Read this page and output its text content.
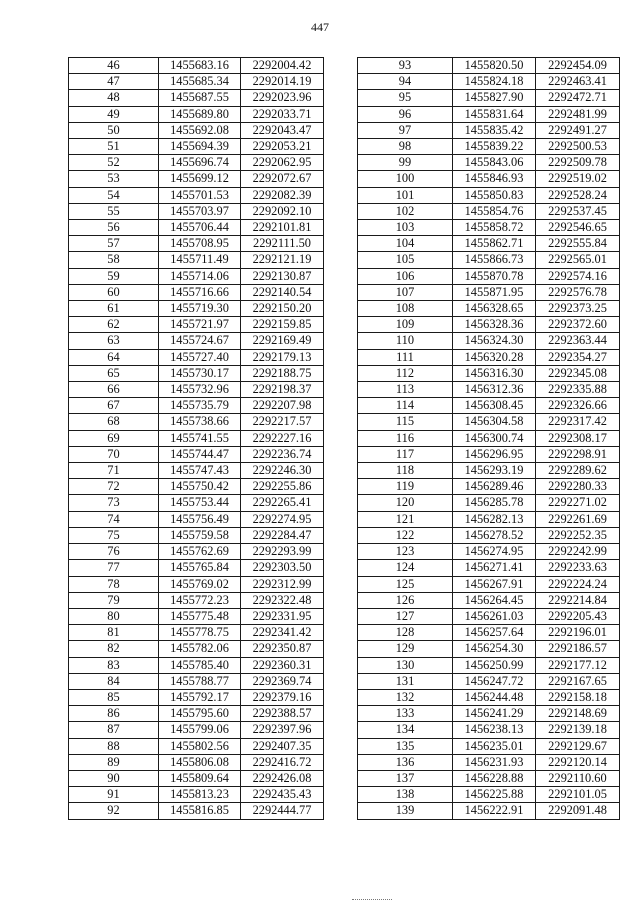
447
46	1455683.16	2292004.42
47	1455685.34	2292014.19
48	1455687.55	2292023.96
49	1455689.80	2292033.71
50	1455692.08	2292043.47
51	1455694.39	2292053.21
52	1455696.74	2292062.95
53	1455699.12	2292072.67
54	1455701.53	2292082.39
55	1455703.97	2292092.10
56	1455706.44	2292101.81
57	1455708.95	2292111.50
58	1455711.49	2292121.19
59	1455714.06	2292130.87
60	1455716.66	2292140.54
61	1455719.30	2292150.20
62	1455721.97	2292159.85
63	1455724.67	2292169.49
64	1455727.40	2292179.13
65	1455730.17	2292188.75
66	1455732.96	2292198.37
67	1455735.79	2292207.98
68	1455738.66	2292217.57
69	1455741.55	2292227.16
70	1455744.47	2292236.74
71	1455747.43	2292246.30
72	1455750.42	2292255.86
73	1455753.44	2292265.41
74	1455756.49	2292274.95
75	1455759.58	2292284.47
76	1455762.69	2292293.99
77	1455765.84	2292303.50
78	1455769.02	2292312.99
79	1455772.23	2292322.48
80	1455775.48	2292331.95
81	1455778.75	2292341.42
82	1455782.06	2292350.87
83	1455785.40	2292360.31
84	1455788.77	2292369.74
85	1455792.17	2292379.16
86	1455795.60	2292388.57
87	1455799.06	2292397.96
88	1455802.56	2292407.35
89	1455806.08	2292416.72
90	1455809.64	2292426.08
91	1455813.23	2292435.43
92	1455816.85	2292444.77
93	1455820.50	2292454.09
94	1455824.18	2292463.41
95	1455827.90	2292472.71
96	1455831.64	2292481.99
97	1455835.42	2292491.27
98	1455839.22	2292500.53
99	1455843.06	2292509.78
100	1455846.93	2292519.02
101	1455850.83	2292528.24
102	1455854.76	2292537.45
103	1455858.72	2292546.65
104	1455862.71	2292555.84
105	1455866.73	2292565.01
106	1455870.78	2292574.16
107	1455871.95	2292576.78
108	1456328.65	2292373.25
109	1456328.36	2292372.60
110	1456324.30	2292363.44
111	1456320.28	2292354.27
112	1456316.30	2292345.08
113	1456312.36	2292335.88
114	1456308.45	2292326.66
115	1456304.58	2292317.42
116	1456300.74	2292308.17
117	1456296.95	2292298.91
118	1456293.19	2292289.62
119	1456289.46	2292280.33
120	1456285.78	2292271.02
121	1456282.13	2292261.69
122	1456278.52	2292252.35
123	1456274.95	2292242.99
124	1456271.41	2292233.63
125	1456267.91	2292224.24
126	1456264.45	2292214.84
127	1456261.03	2292205.43
128	1456257.64	2292196.01
129	1456254.30	2292186.57
130	1456250.99	2292177.12
131	1456247.72	2292167.65
132	1456244.48	2292158.18
133	1456241.29	2292148.69
134	1456238.13	2292139.18
135	1456235.01	2292129.67
136	1456231.93	2292120.14
137	1456228.88	2292110.60
138	1456225.88	2292101.05
139	1456222.91	2292091.48
